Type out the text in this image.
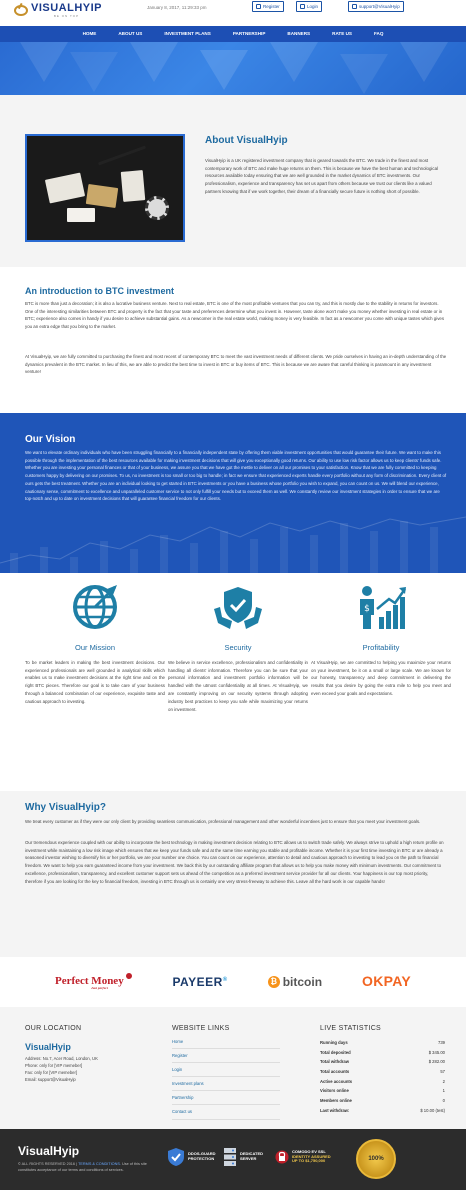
VISUALHYIP
BE ON TOP
January 8, 2017, 11:29:33 pm	Register	Login	support@VisualHyip
HOME	ABOUT US	INVESTMENT PLANS	PARTNERSHIP	BANNERS	RATE US	FAQ
About VisualHyip
VisualHyip is a UK registered investment company that is geared towards the BTC. We trade in the finest and most contemporary work of BTC and make huge returns on them. This is because we have the best human and technological resources available today ensuring that we are well grounded in the market dynamics of BTC investments. Our professionalism, experience and transparency has set us apart from others because we trust our clients like a valued partners knowing that if we work together, their dream of a financially secure future is nothing short of possible.
An introduction to BTC investment
BTC is more than just a decoration; it is also a lucrative business venture. Next to real estate, BTC is one of the most profitable ventures that you can try, and this is mostly due to the stability in returns for investors. One of the interesting similarities between BTC and property is the fact that your taste and preferences determine what you invest in. However, taste alone won't make you money whether investing in real estate or in BTC; experience also comes in handy if you desire to achieve substantial gains. As a newcomer in the real estate world, making money is very feasible. In fact as a newcomer you come with unique tastes which gives you an extra edge that you bring to the market.
At VisualHyip, we are fully committed to purchasing the finest and most recent of contemporary BTC to meet the vast investment needs of different clients. We pride ourselves in having an in-depth understanding of the dynamics prevalent in the BTC market. In lieu of this, we are able to predict the best time to invest in BTC or buy items of BTC. This is because we are aware that careful thinking is paramount in any investment venture!
Our Vision
We want to elevate ordinary individuals who have been struggling financially to a financially independent state by offering them viable investment opportunities that would guarantee their future. We want to make this possible through the implementation of the best resources available for making investment decisions that will give you exceptionally good returns. Our ability to use low risk factor allows us to keep clients' funds safe. Whether you are investing your personal finances or that of your business, we assure you that we have got the mettle to deliver on all our promises to your satisfaction. Know that we are fully committed to keeping customers happy by delivering on our promises. To us, no investment is too small or too big to handle; in fact we ensure that experienced experts handle every portfolio without any form of discrimination. Every client of ours gets the best treatment. Whether you are an individual looking to get started in BTC investments or you have a business whose portfolio you wish to expand, you can count on us. We will blend our experience, cautionary sense, commitment to excellence and unparalleled customer service to not only fulfill your needs but to exceed them as well. We constantly review our investment strategies in order to ensure that we are top-notch and up to date on investment decisions that will guarantee financial freedom for our clients.
Our Mission

To be market leaders in making the best investment decisions. Our experienced professionals are well grounded in analytical skills which enables us to make investment decisions at the right time and on the right BTC pieces. Therefore our goal is to take care of your business through a balanced combination of our experience, exquisite taste and cautious approach to investing.

Security

We believe in service excellence, professionalism and confidentiality in handling all clients' information. Therefore you can be sure that your personal information and investment portfolio information will be handled with the utmost confidentiality at all times. At VisualHyip, we are constantly improving on our security systems through adopting industry best practices to keep you safe while maximizing your returns on investment.

$
Profitability

At VisualHyip, we are committed to helping you maximize your returns on your investment, be it on a small or large scale. We are known for our honesty, transparency and deep commitment in delivering the results that you desire by going the extra mile to help you meet and even exceed your goals and expectations.

Why VisualHyip?
We treat every customer as if they were our only client by providing seamless communication, professional management and other wonderful incentives just to ensure that you meet your investment goals.
Our tremendous experience coupled with our ability to incorporate the best technology in making investment decision relating to BTC allows us to switch trade safely. We always strive to uphold a high return profile on investment while maintaining a low risk image which ensures that we keep your funds safe and at the same time earning you stable and profitable income. Whether it is your first time investing in BTC or are already a seasoned investor wishing to diversify his or her portfolio, we are your number one choice. You can count on our experience, attention to detail and cautious approach to investing to lead you on the path to financial freedom. We want to help you earn guaranteed income from your investment. We back this by our outstanding affiliate program that allows us to help you make money with minimum investments. Our commitment to excellence, professionalism, transparency, and excellent customer support sets us ahead of the competition as a preferred investment service provider for all our clients. Your happiness is our top most priority, therefore if you are looking for the key to financial freedom, investing in BTC through us is certainly one very stress-freeway to achieve this. Leave all the hard work in our capable hands!
Perfect Money
Just perfect	PAYEER®	₿ bitcoin	OKPAY
OUR LOCATION
VisualHyip
Address: No.7, Acer Road, London, UK
Phone: only for [VIP memeber]
Fax: only for [VIP memeber]
Email: support@VisualHyip
WEBSITE LINKS
Home
Register
Login
Investment plans
Partnership
Contact us
LIVE STATISTICS
Running days	739
Total deposited	$ 345.00
Total withdraw	$ 282.00
Total accounts	57
Active accounts	2
Visitors online	1
Members online	0
Last withdraw:	$ 10.00 (test)
VisualHyip
© ALL RIGHTS RESERVED 2016 | TERMS & CONDITIONS. Use of this site constitutes acceptance of our terms and conditions of services.
DDOS-GUARD
PROTECTION
DEDICATED
SERVER
COMODO EV SSL
IDENTITY ASSURED
UP TO $1,750,000	100%
